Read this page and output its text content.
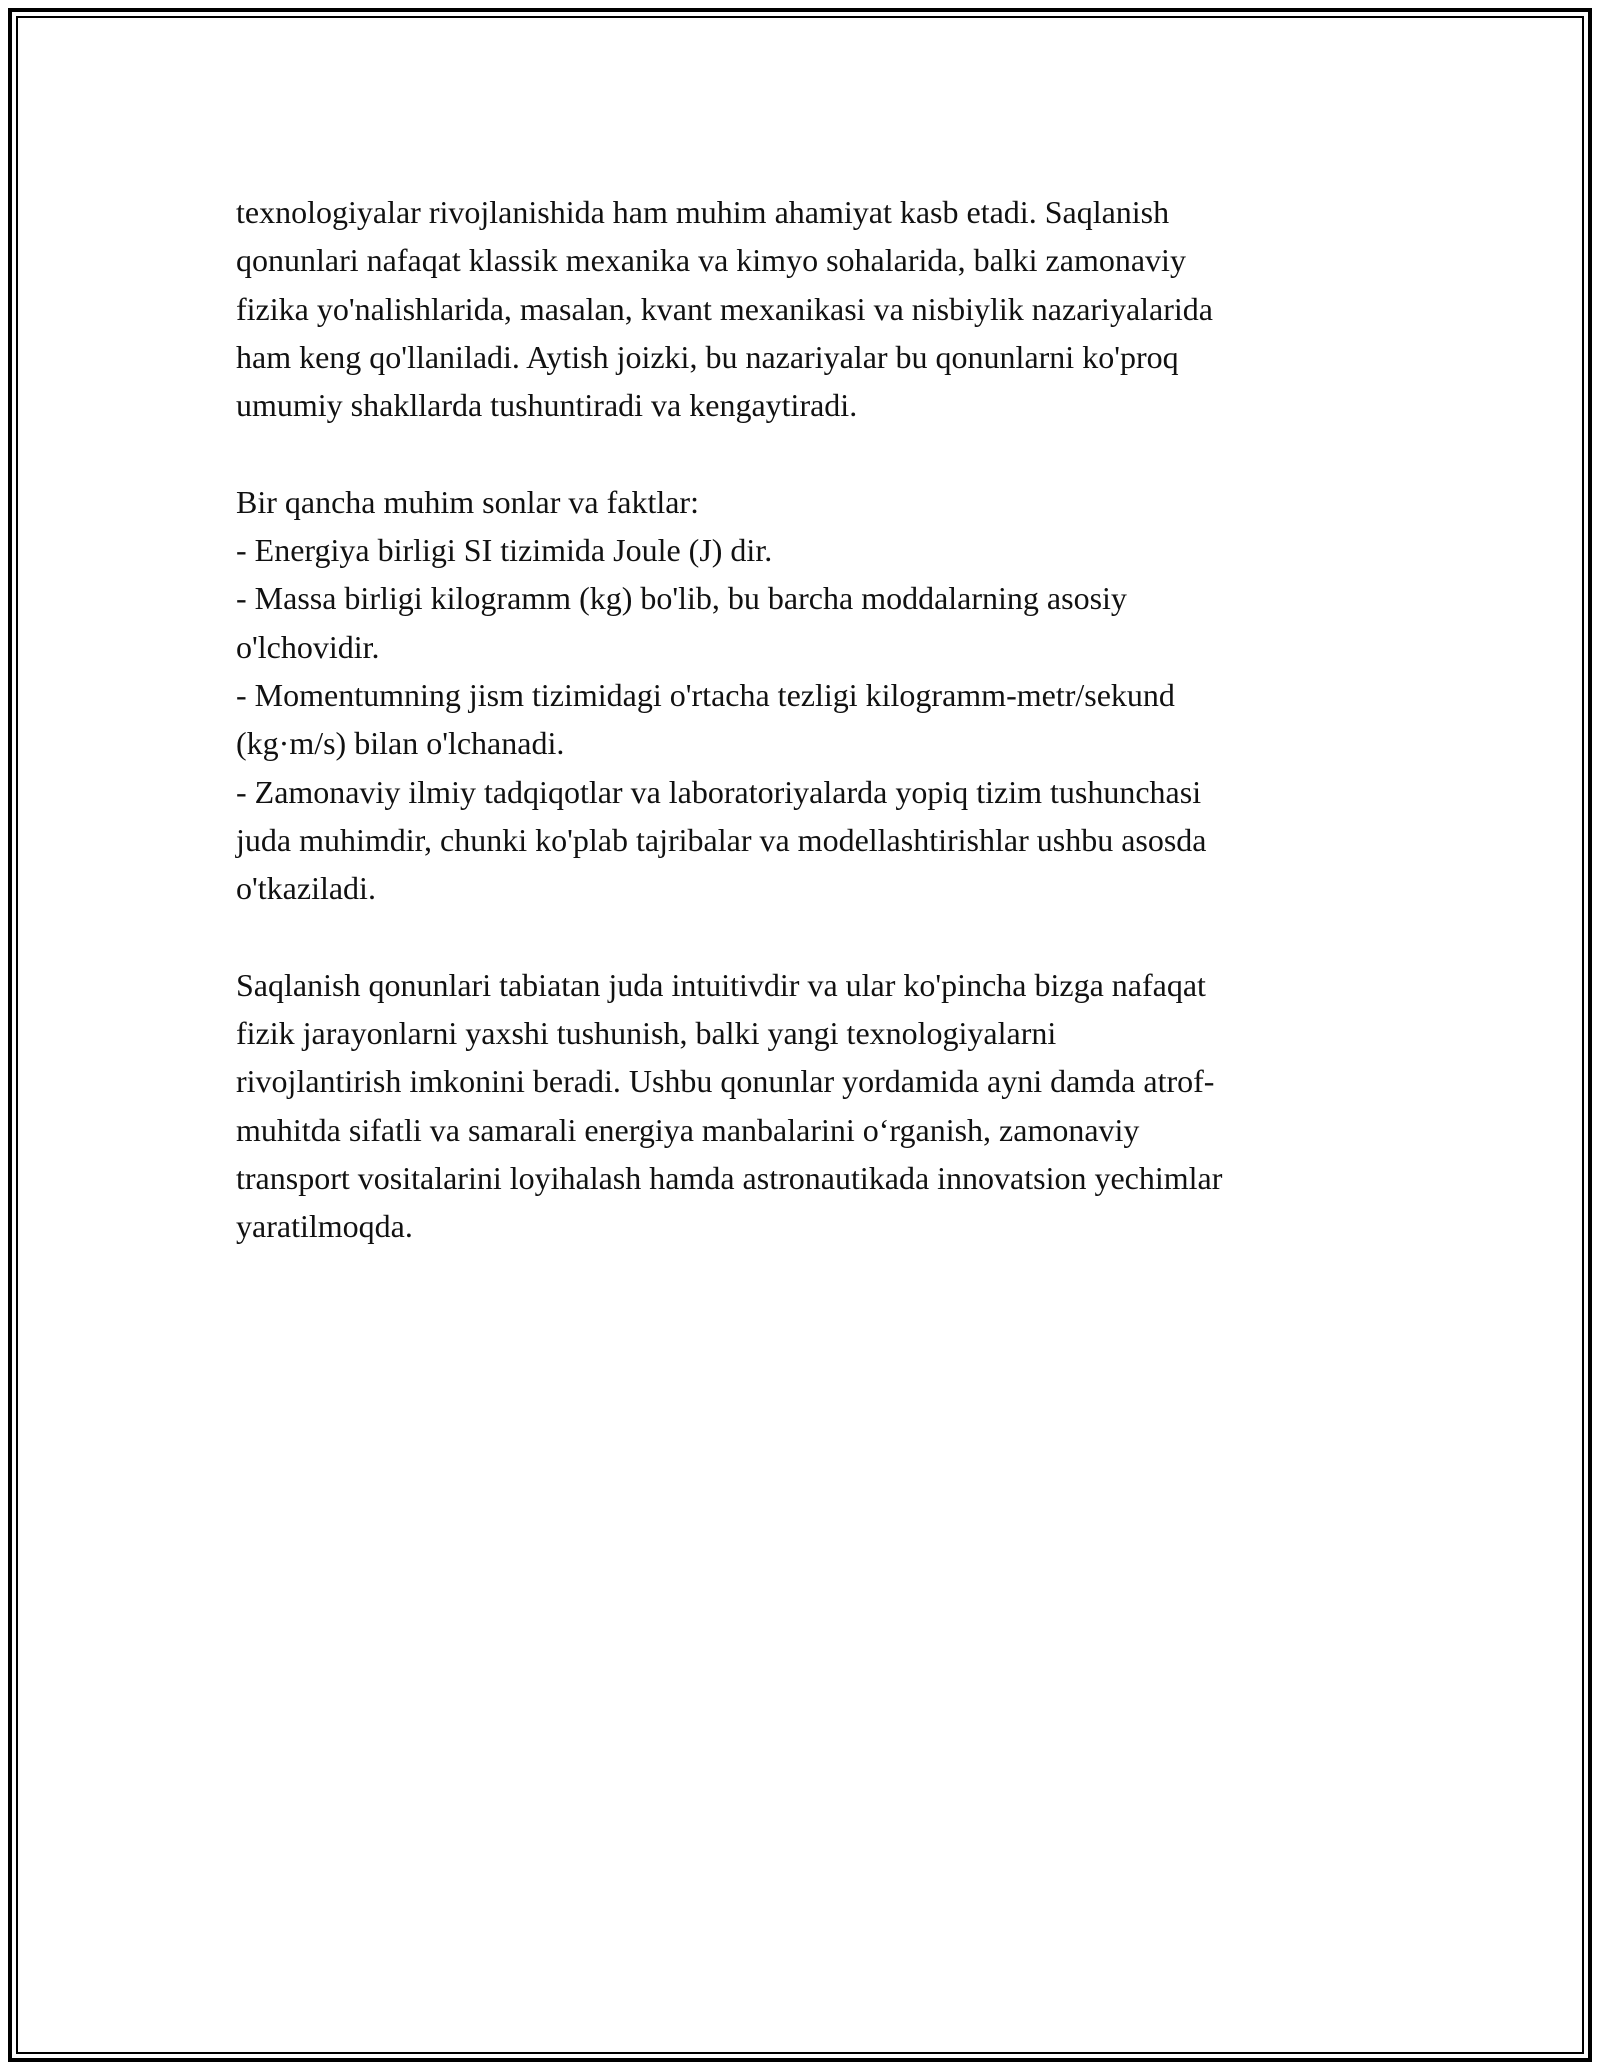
texnologiyalar rivojlanishida ham muhim ahamiyat kasb etadi. Saqlanish

qonunlari nafaqat klassik mexanika va kimyo sohalarida, balki zamonaviy

fizika yo'nalishlarida, masalan, kvant mexanikasi va nisbiylik nazariyalarida

ham keng qo'llaniladi. Aytish joizki, bu nazariyalar bu qonunlarni ko'proq

umumiy shakllarda tushuntiradi va kengaytiradi.

Bir qancha muhim sonlar va faktlar:

- Energiya birligi SI tizimida Joule (J) dir.

- Massa birligi kilogramm (kg) bo'lib, bu barcha moddalarning asosiy

o'lchovidir.

- Momentumning jism tizimidagi o'rtacha tezligi kilogramm-metr/sekund

(kg·m/s) bilan o'lchanadi.

- Zamonaviy ilmiy tadqiqotlar va laboratoriyalarda yopiq tizim tushunchasi

juda muhimdir, chunki ko'plab tajribalar va modellashtirishlar ushbu asosda

o'tkaziladi.

Saqlanish qonunlari tabiatan juda intuitivdir va ular ko'pincha bizga nafaqat

fizik jarayonlarni yaxshi tushunish, balki yangi texnologiyalarni

rivojlantirish imkonini beradi. Ushbu qonunlar yordamida ayni damda atrof-

muhitda sifatli va samarali energiya manbalarini o‘rganish, zamonaviy

transport vositalarini loyihalash hamda astronautikada innovatsion yechimlar

yaratilmoqda.
